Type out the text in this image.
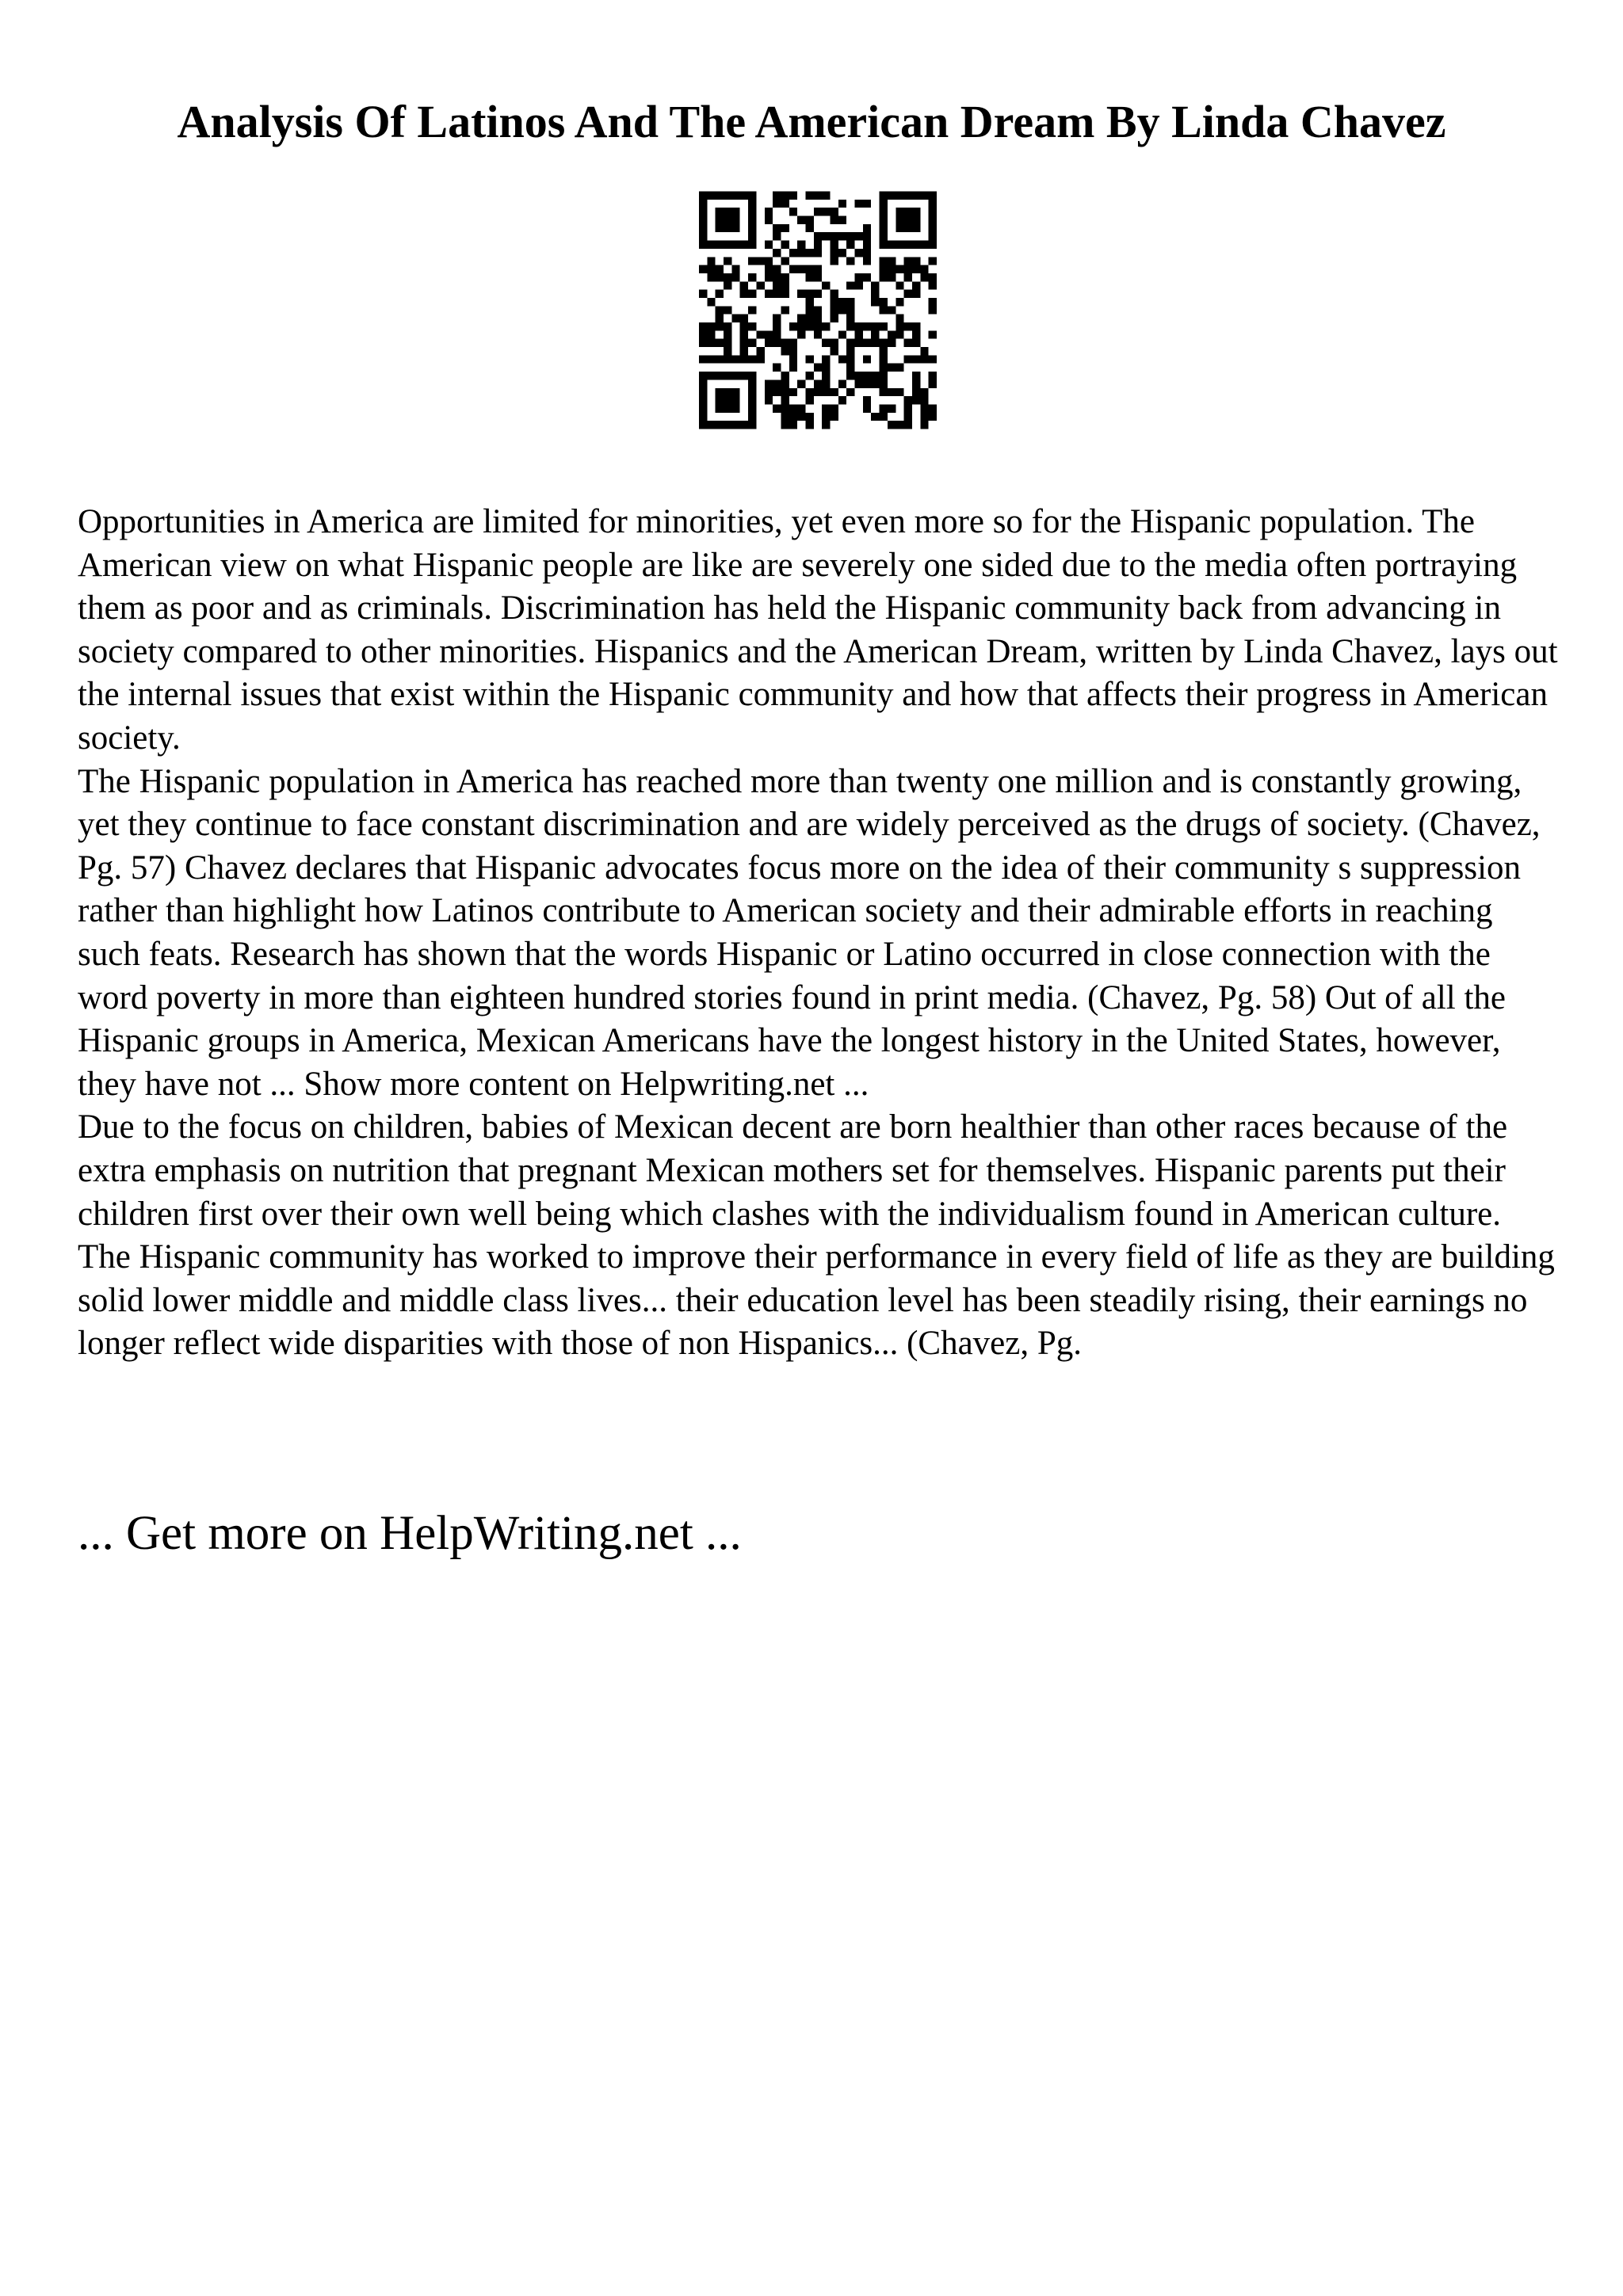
Analysis Of Latinos And The American Dream By Linda Chavez

Opportunities in America are limited for minorities, yet even more so for the Hispanic population. The American view on what Hispanic people are like are severely one sided due to the media often portraying them as poor and as criminals. Discrimination has held the Hispanic community back from advancing in society compared to other minorities. Hispanics and the American Dream, written by Linda Chavez, lays out the internal issues that exist within the Hispanic community and how that affects their progress in American society.

The Hispanic population in America has reached more than twenty one million and is constantly growing, yet they continue to face constant discrimination and are widely perceived as the drugs of society. (Chavez, Pg. 57) Chavez declares that Hispanic advocates focus more on the idea of their community s suppression rather than highlight how Latinos contribute to American society and their admirable efforts in reaching such feats. Research has shown that the words Hispanic or Latino occurred in close connection with the word poverty in more than eighteen hundred stories found in print media. (Chavez, Pg. 58) Out of all the Hispanic groups in America, Mexican Americans have the longest history in the United States, however, they have not ... Show more content on Helpwriting.net ...

Due to the focus on children, babies of Mexican decent are born healthier than other races because of the extra emphasis on nutrition that pregnant Mexican mothers set for themselves. Hispanic parents put their children first over their own well being which clashes with the individualism found in American culture. The Hispanic community has worked to improve their performance in every field of life as they are building solid lower middle and middle class lives... their education level has been steadily rising, their earnings no longer reflect wide disparities with those of non Hispanics... (Chavez, Pg.

... Get more on HelpWriting.net ...
